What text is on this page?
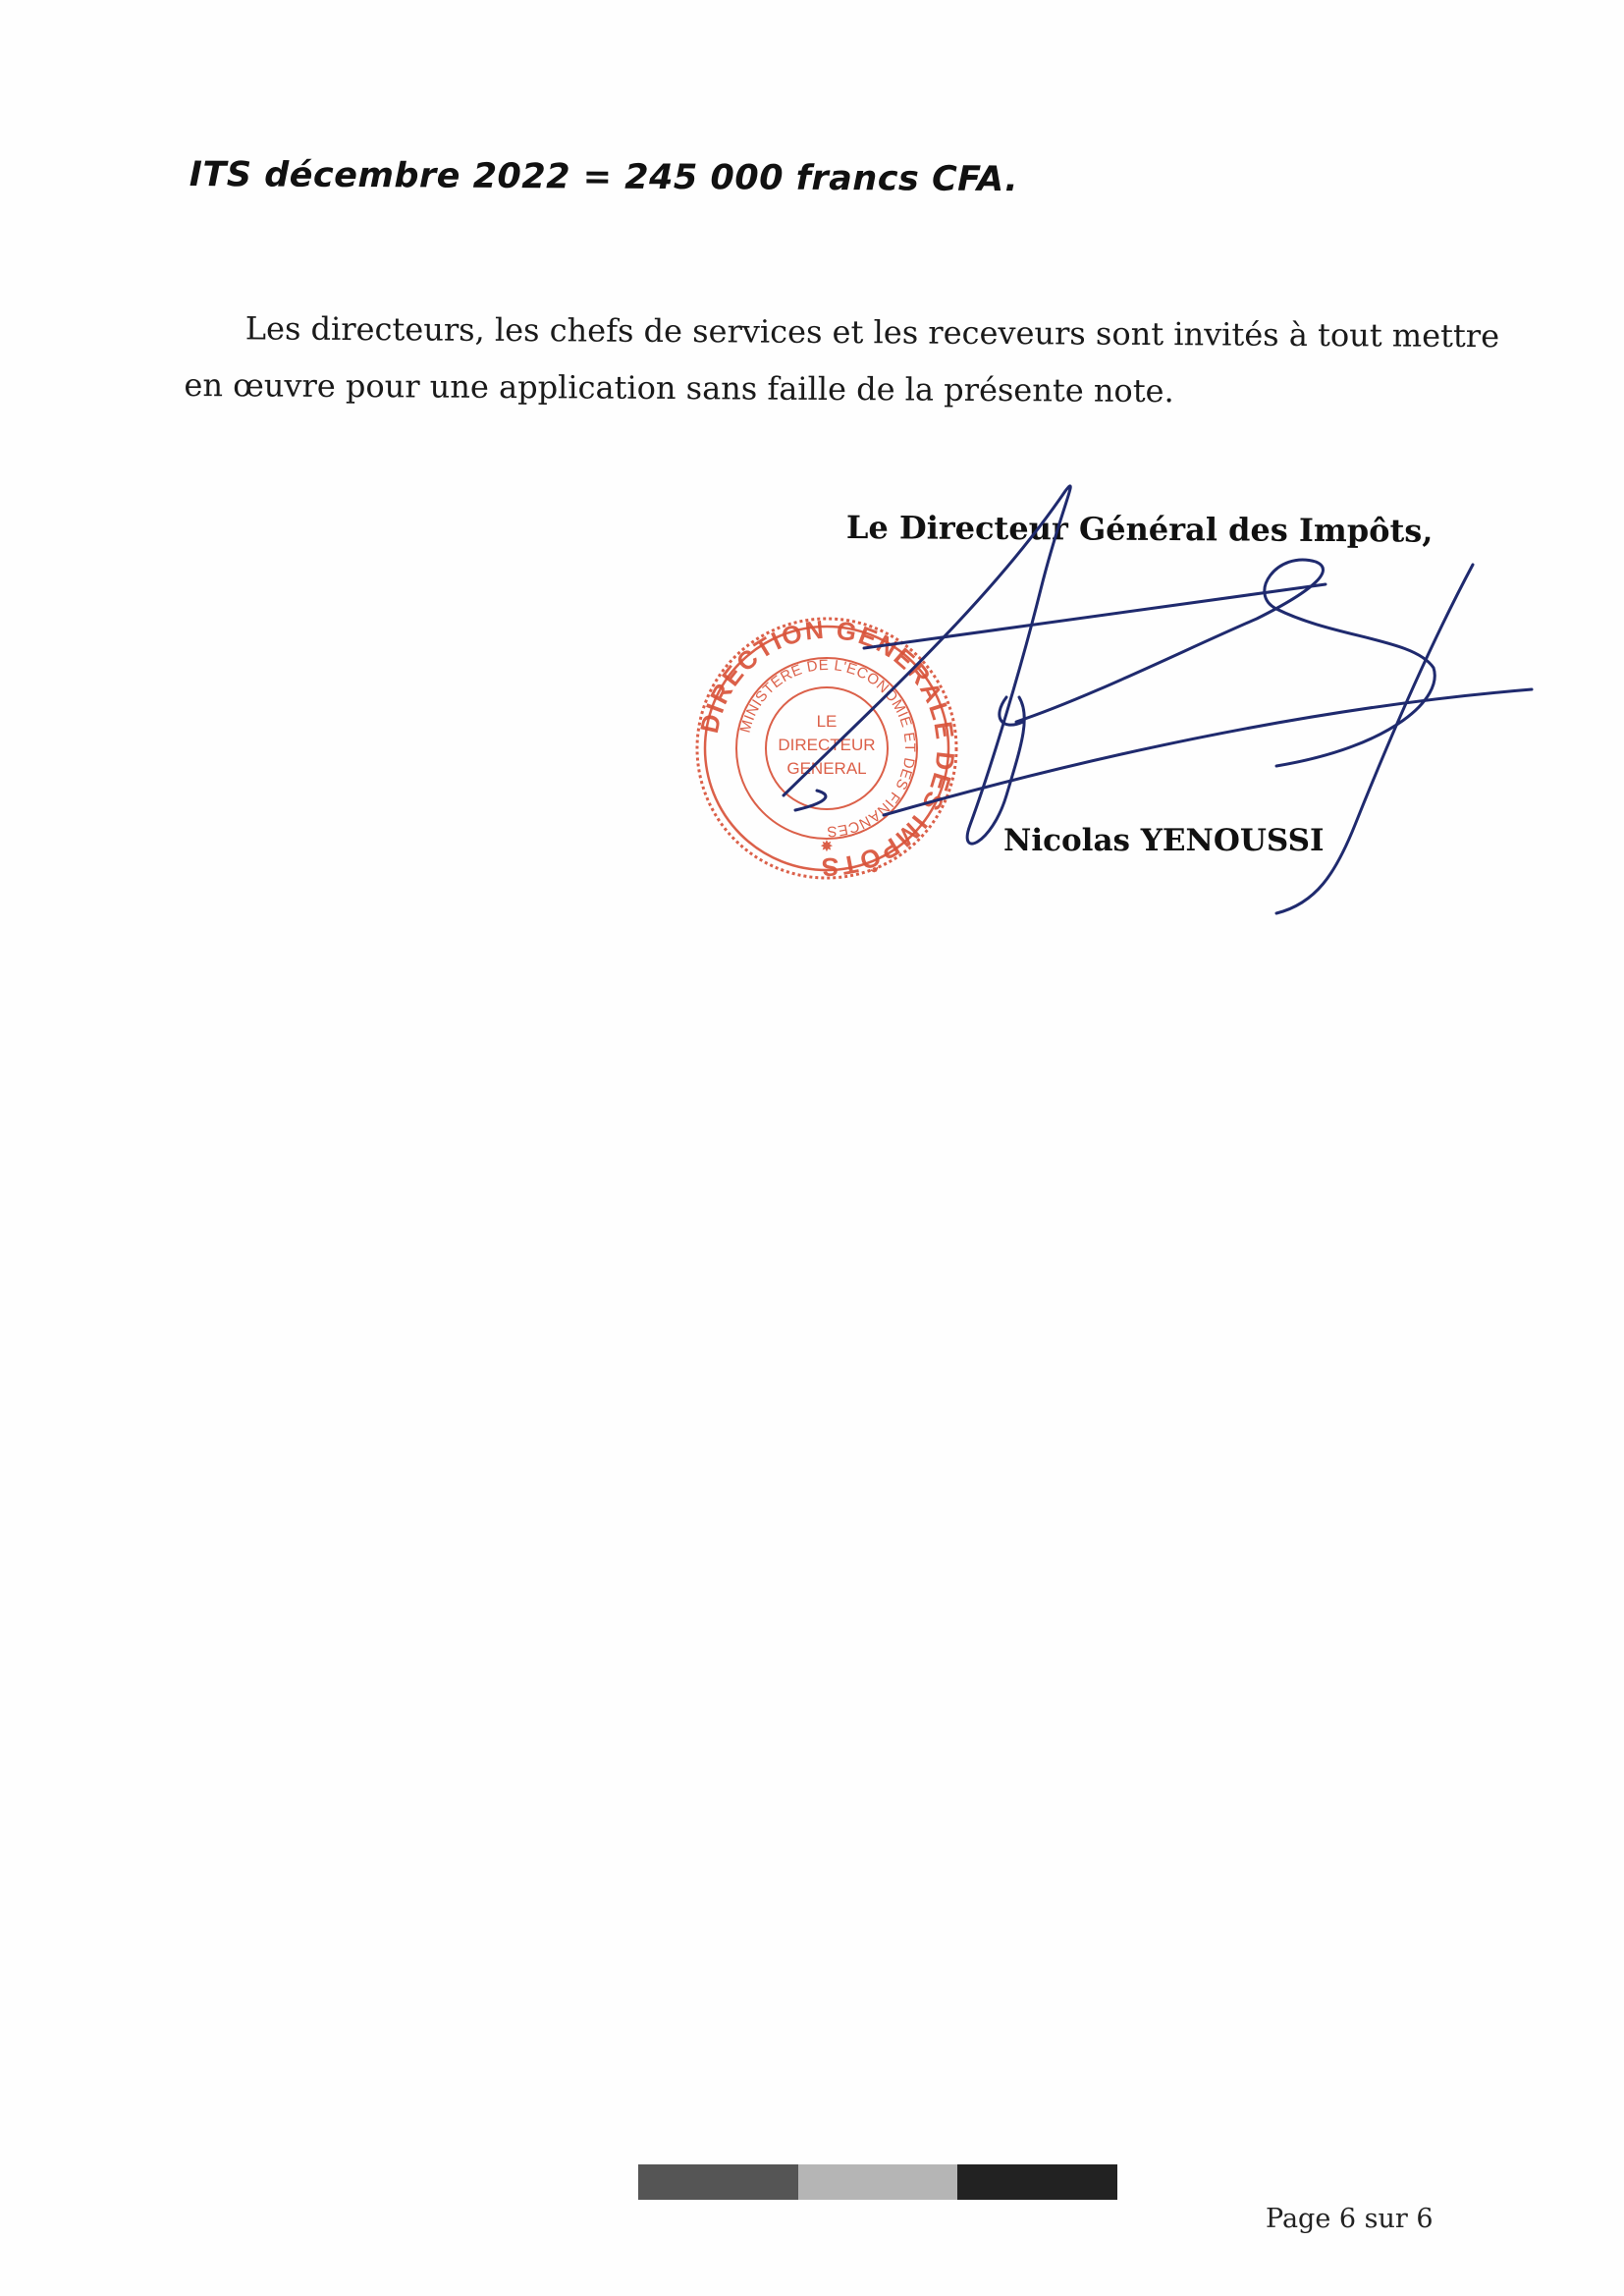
ITS décembre 2022 = 245 000 francs CFA.
Les directeurs, les chefs de services et les receveurs sont invités à tout mettre
en œuvre pour une application sans faille de la présente note.
Le Directeur Général des Impôts,
DIRECTION GENERALE DES IMPÔTS
MINISTERE DE L'ECONOMIE ET DES FINANCES
LE
DIRECTEUR
GENERAL
✸	Nicolas YENOUSSI
Page 6 sur 6
